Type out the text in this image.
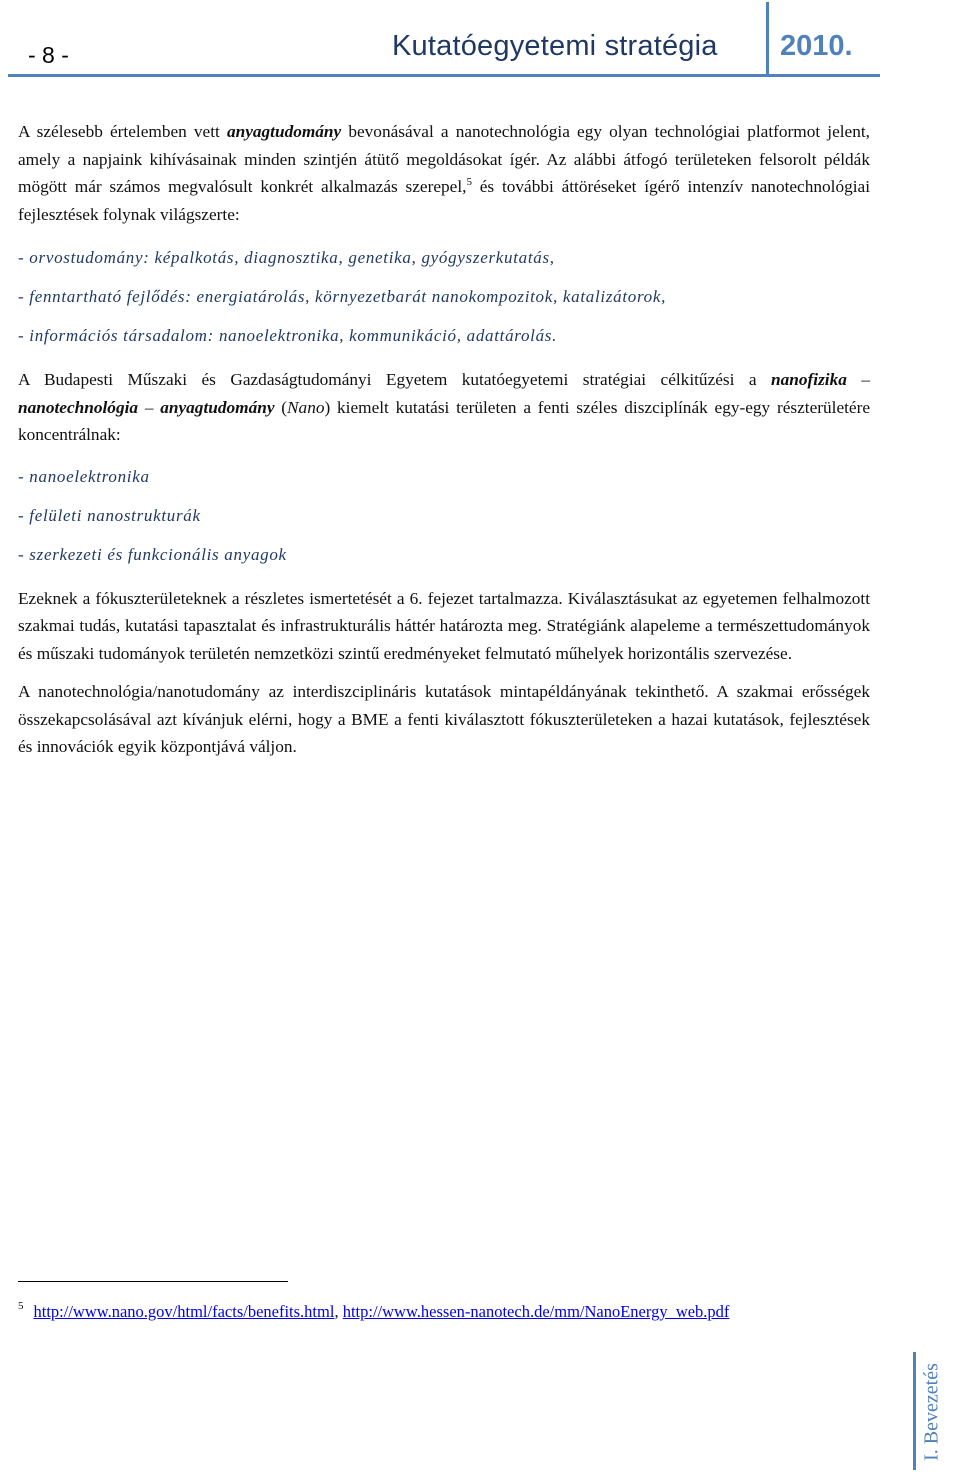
- 8 -	Kutatóegyetemi stratégia 2010.

A szélesebb értelemben vett anyagtudomány bevonásával a nanotechnológia egy olyan technológiai platformot jelent, amely a napjaink kihívásainak minden szintjén átütő megoldásokat ígér. Az alábbi átfogó területeken felsorolt példák mögött már számos megvalósult konkrét alkalmazás szerepel,$^5$ és további áttöréseket ígérő intenzív nanotechnológiai fejlesztések folynak világszerte:

- orvostudomány: képalkotás, diagnosztika, genetika, gyógyszerkutatás,

- fenntartható fejlődés: energiatárolás, környezetbarát nanokompozitok, katalizátorok,

- információs társadalom: nanoelektronika, kommunikáció, adattárolás.

A Budapesti Műszaki és Gazdaságtudományi Egyetem kutatóegyetemi stratégiai célkitűzési a nanofizika – nanotechnológia – anyagtudomány (Nano) kiemelt kutatási területen a fenti széles diszciplínák egy-egy részterületére koncentrálnak:

- nanoelektronika

- felületi nanostrukturák

- szerkezeti és funkcionális anyagok

Ezeknek a fókuszterületeknek a részletes ismertetését a 6. fejezet tartalmazza. Kiválasztásukat az egyetemen felhalmozott szakmai tudás, kutatási tapasztalat és infrastrukturális háttér határozta meg. Stratégiánk alapeleme a természettudományok és műszaki tudományok területén nemzetközi szintű eredményeket felmutató műhelyek horizontális szervezése.

A nanotechnológia/nanotudomány az interdiszciplináris kutatások mintapéldányának tekinthető. A szakmai erősségek összekapcsolásával azt kívánjuk elérni, hogy a BME a fenti kiválasztott fókuszterületeken a hazai kutatások, fejlesztések és innovációk egyik központjává váljon.

$^5$ http://www.nano.gov/html/facts/benefits.html, http://www.hessen-nanotech.de/mm/NanoEnergy_web.pdf
I. Bevezetés
